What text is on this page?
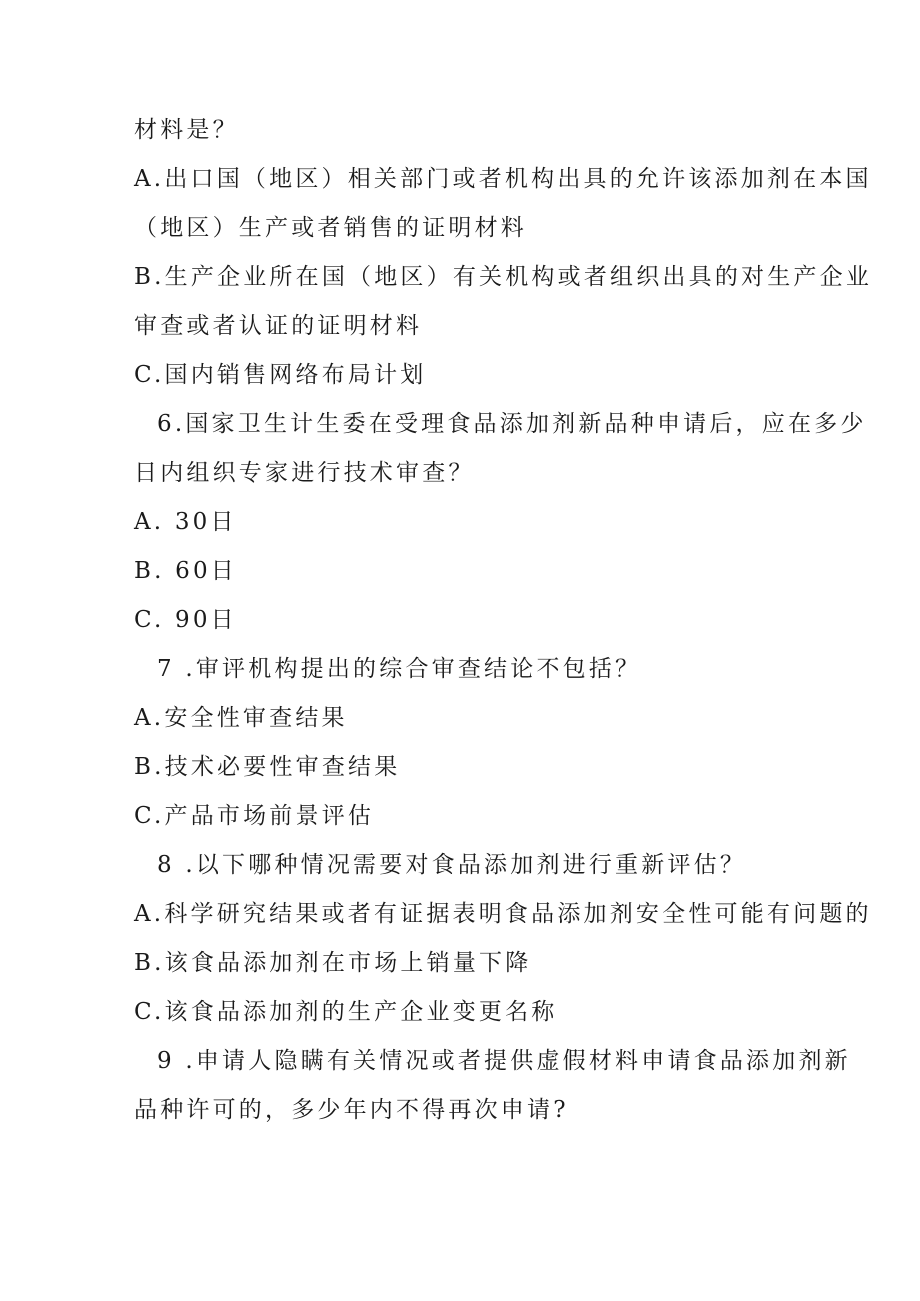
材料是？
A.出口国（地区）相关部门或者机构出具的允许该添加剂在本国
（地区）生产或者销售的证明材料
B.生产企业所在国（地区）有关机构或者组织出具的对生产企业
审查或者认证的证明材料
C.国内销售网络布局计划
6.国家卫生计生委在受理食品添加剂新品种申请后，应在多少
日内组织专家进行技术审查？
A. 30日
B. 60日
C. 90日
7 .审评机构提出的综合审查结论不包括？
A.安全性审查结果
B.技术必要性审查结果
C.产品市场前景评估
8 .以下哪种情况需要对食品添加剂进行重新评估？
A.科学研究结果或者有证据表明食品添加剂安全性可能有问题的
B.该食品添加剂在市场上销量下降
C.该食品添加剂的生产企业变更名称
9 .申请人隐瞒有关情况或者提供虚假材料申请食品添加剂新
品种许可的，多少年内不得再次申请?
